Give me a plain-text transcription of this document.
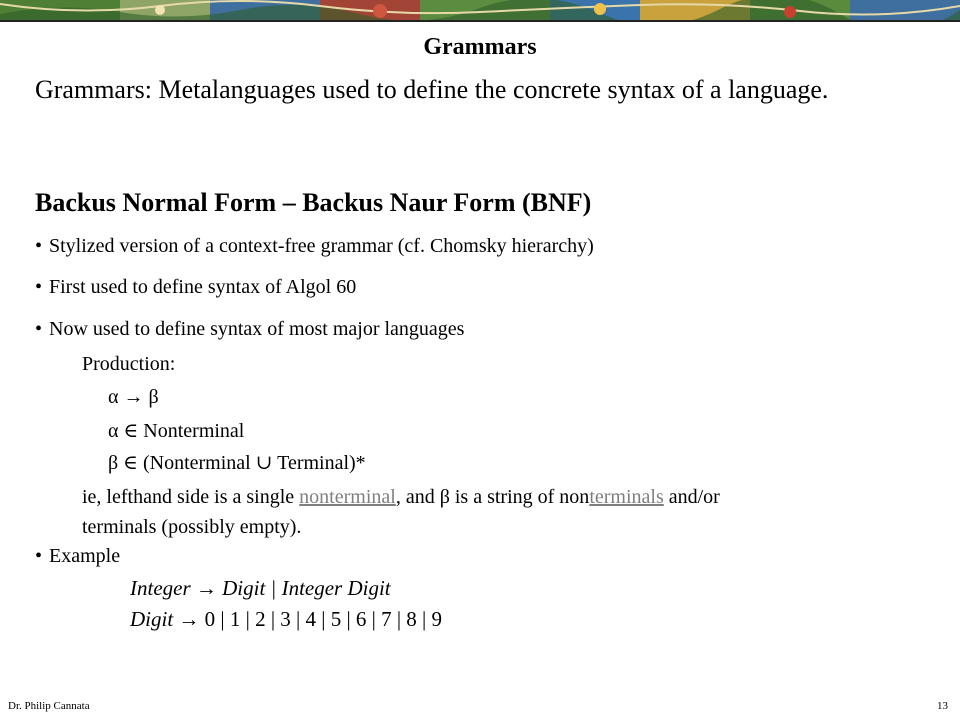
Grammars
Grammars: Metalanguages used to define the concrete syntax of a language.
Backus Normal Form – Backus Naur Form (BNF)
• Stylized version of a context-free grammar (cf. Chomsky hierarchy)
• First used to define syntax of Algol 60
• Now used to define syntax of most major languages
Production:
α → β
α ∈ Nonterminal
β ∈ (Nonterminal ∪ Terminal)*
ie, lefthand side is a single nonterminal, and β is a string of nonterminals and/or
terminals (possibly empty).
• Example
Integer → Digit | Integer Digit
Digit → 0 | 1 | 2 | 3 | 4 | 5 | 6 | 7 | 8 | 9
Dr. Philip Cannata	13
